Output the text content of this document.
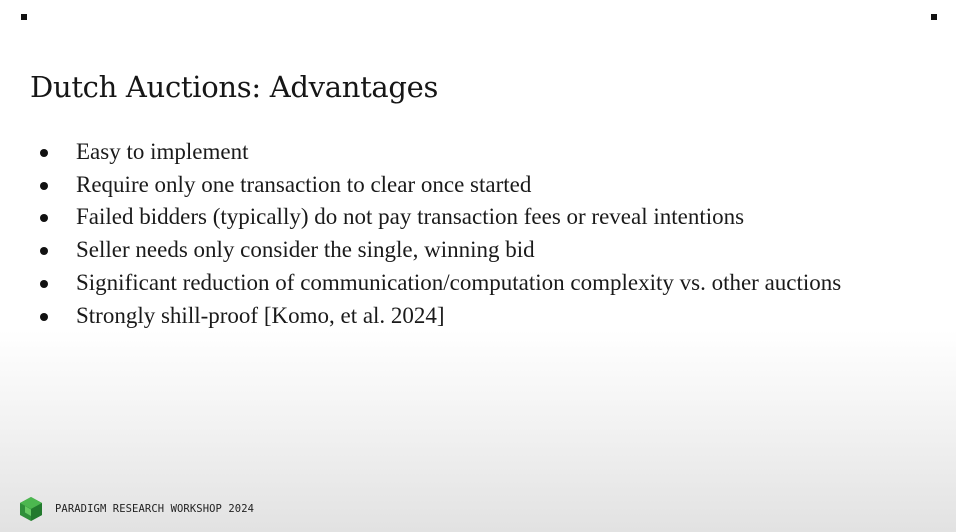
Dutch Auctions: Advantages
Easy to implement
Require only one transaction to clear once started
Failed bidders (typically) do not pay transaction fees or reveal intentions
Seller needs only consider the single, winning bid
Significant reduction of communication/computation complexity vs. other auctions
Strongly shill-proof [Komo, et al. 2024]
PARADIGM RESEARCH WORKSHOP 2024
